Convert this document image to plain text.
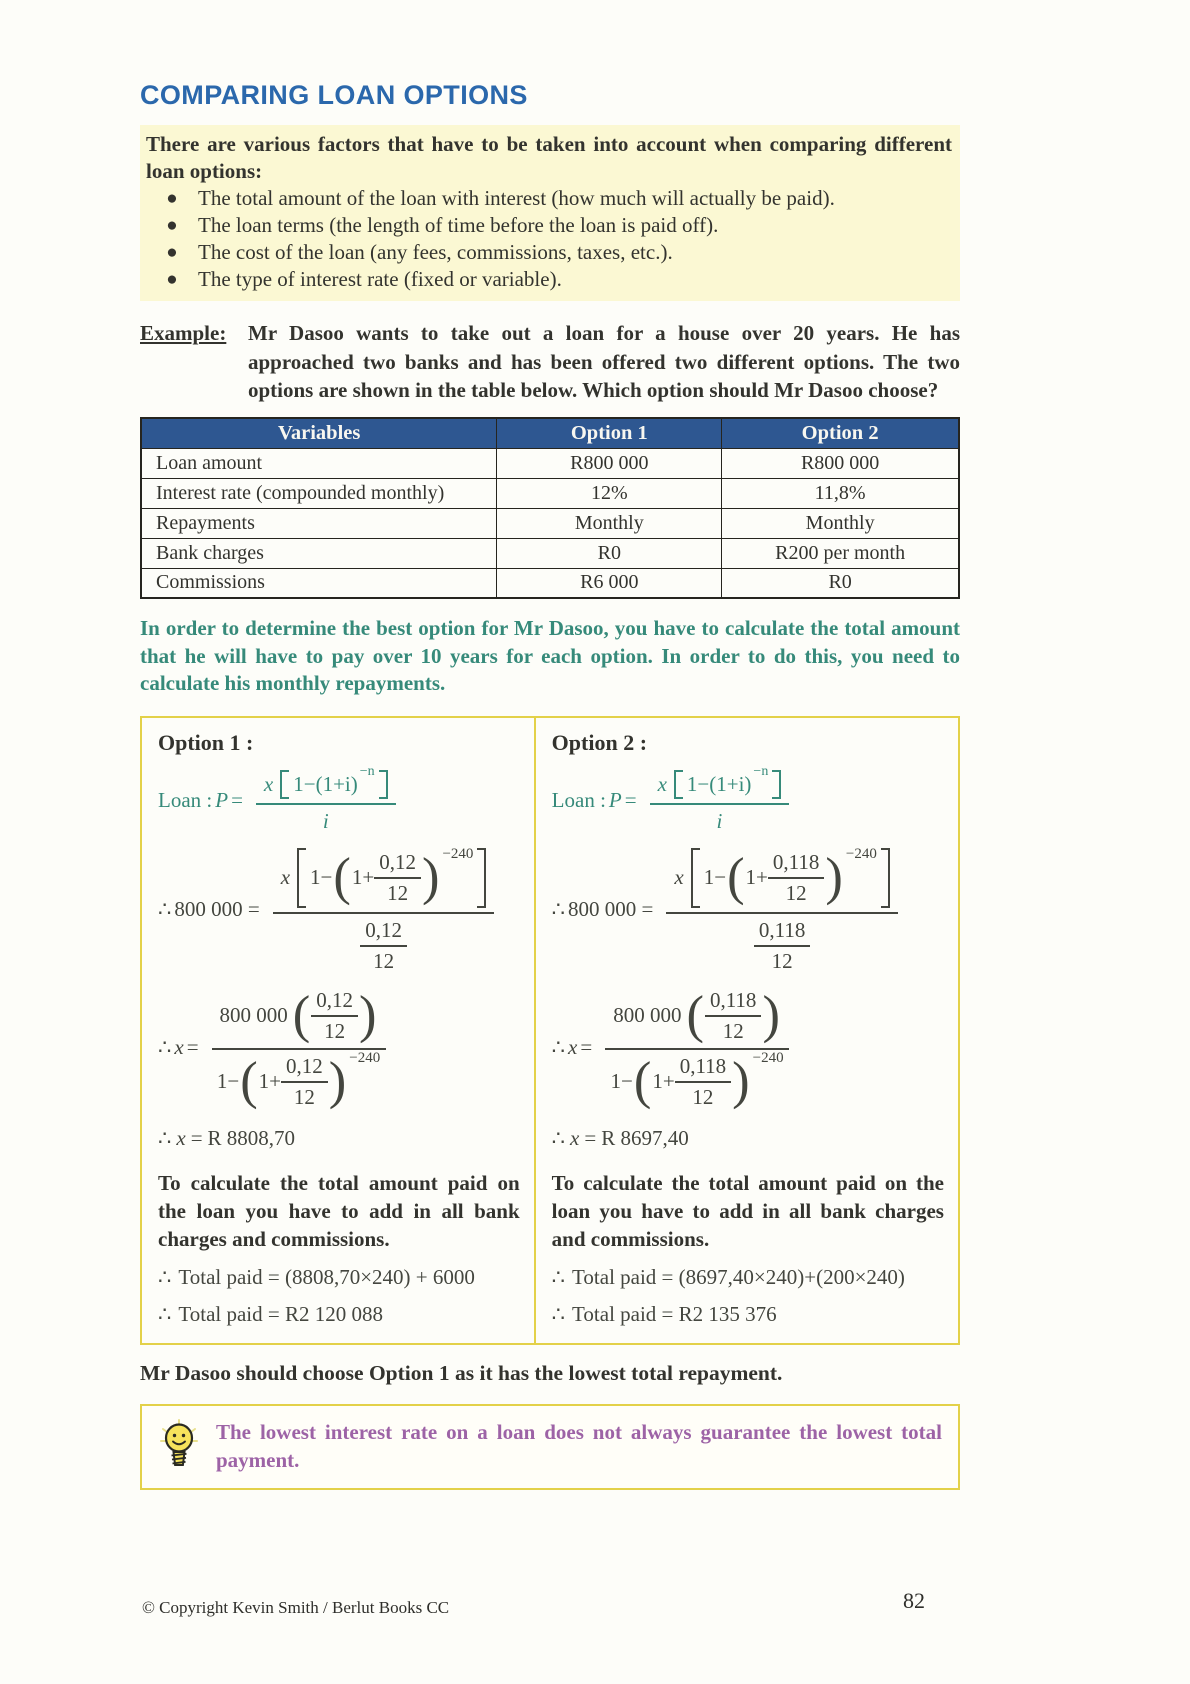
COMPARING LOAN OPTIONS

There are various factors that have to be taken into account when comparing different loan options:

● The total amount of the loan with interest (how much will actually be paid).
● The loan terms (the length of time before the loan is paid off).
● The cost of the loan (any fees, commissions, taxes, etc.).
● The type of interest rate (fixed or variable).
Example:	Mr Dasoo wants to take out a loan for a house over 20 years. He has approached two banks and has been offered two different options. The two options are shown in the table below. Which option should Mr Dasoo choose?
Variables	Option 1	Option 2
Loan amount	R800 000	R800 000
Interest rate (compounded monthly)	12%	11,8%
Repayments	Monthly	Monthly
Bank charges	R0	R200 per month
Commissions	R6 000	R0

In order to determine the best option for Mr Dasoo, you have to calculate the total amount that he will have to pay over 10 years for each option. In order to do this, you need to calculate his monthly repayments.

Option 1 :
Loan : P =
x 1−(1+i)
−n
i
∴ 800 000 =
x 1− ( $1+ \frac{0,12}{12}$ ) −240
$\frac{0,12}{12}$
∴ x =
800 000 ( $\frac{0,12}{12}$ )
1− ( $1+ \frac{0,12}{12}$ ) −240
∴ x = R 8808,70

To calculate the total amount paid on the loan you have to add in all bank charges and commissions.

∴ Total paid = (8808,70×240) + 6000
∴ Total paid = R2 120 088
Option 2 :
Loan : P =
x 1−(1+i)
−n
i
∴ 800 000 =
x 1− ( $1+ \frac{0,118}{12}$ ) −240
$\frac{0,118}{12}$
∴ x =
800 000 ( $\frac{0,118}{12}$ )
1− ( $1+ \frac{0,118}{12}$ ) −240
∴ x = R 8697,40

To calculate the total amount paid on the loan you have to add in all bank charges and commissions.

∴ Total paid = (8697,40×240)+(200×240)
∴ Total paid = R2 135 376

Mr Dasoo should choose Option 1 as it has the lowest total repayment.

The lowest interest rate on a loan does not always guarantee the lowest total payment.

© Copyright Kevin Smith / Berlut Books CC	82
